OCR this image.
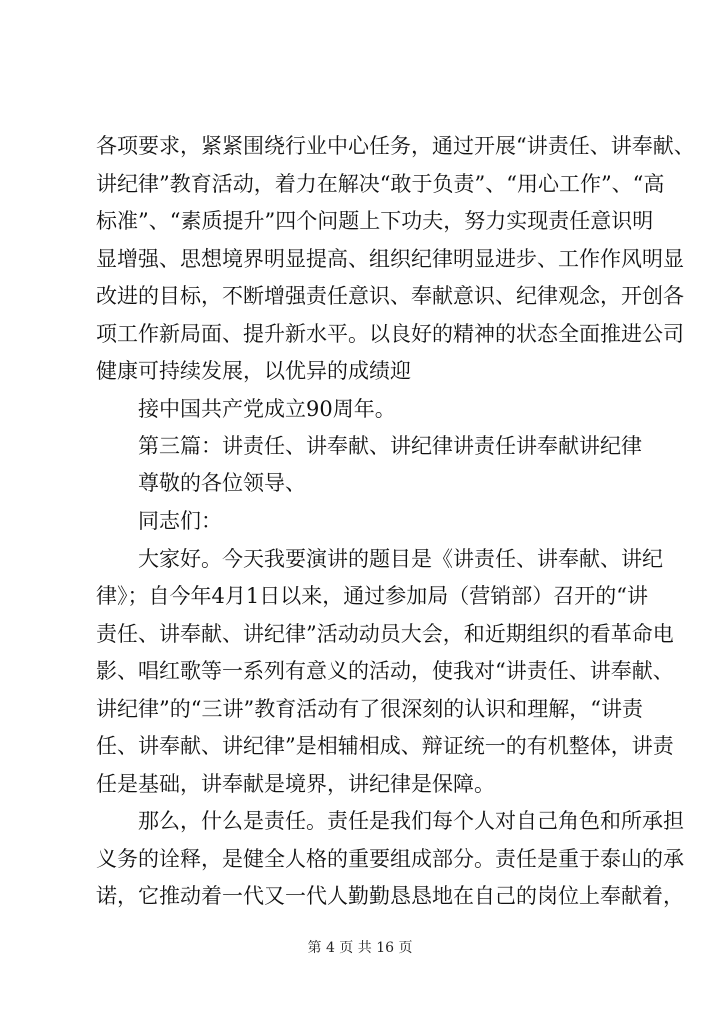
各项要求，紧紧围绕行业中心任务，通过开展“讲责任、讲奉献、
讲纪律”教育活动，着力在解决“敢于负责”、“用心工作”、“高
标准”、“素质提升”四个问题上下功夫，努力实现责任意识明
显增强、思想境界明显提高、组织纪律明显进步、工作作风明显
改进的目标，不断增强责任意识、奉献意识、纪律观念，开创各
项工作新局面、提升新水平。以良好的精神的状态全面推进公司
健康可持续发展，以优异的成绩迎
接中国共产党成立90周年。
第三篇：讲责任、讲奉献、讲纪律讲责任讲奉献讲纪律
尊敬的各位领导、
同志们：
大家好。今天我要演讲的题目是《讲责任、讲奉献、讲纪
律》；自今年4月1日以来，通过参加局（营销部）召开的“讲
责任、讲奉献、讲纪律”活动动员大会，和近期组织的看革命电
影、唱红歌等一系列有意义的活动，使我对“讲责任、讲奉献、
讲纪律”的“三讲”教育活动有了很深刻的认识和理解，“讲责
任、讲奉献、讲纪律”是相辅相成、辩证统一的有机整体，讲责
任是基础，讲奉献是境界，讲纪律是保障。
那么，什么是责任。责任是我们每个人对自己角色和所承担
义务的诠释，是健全人格的重要组成部分。责任是重于泰山的承
诺，它推动着一代又一代人勤勤恳恳地在自己的岗位上奉献着，
第 4 页 共 16 页
